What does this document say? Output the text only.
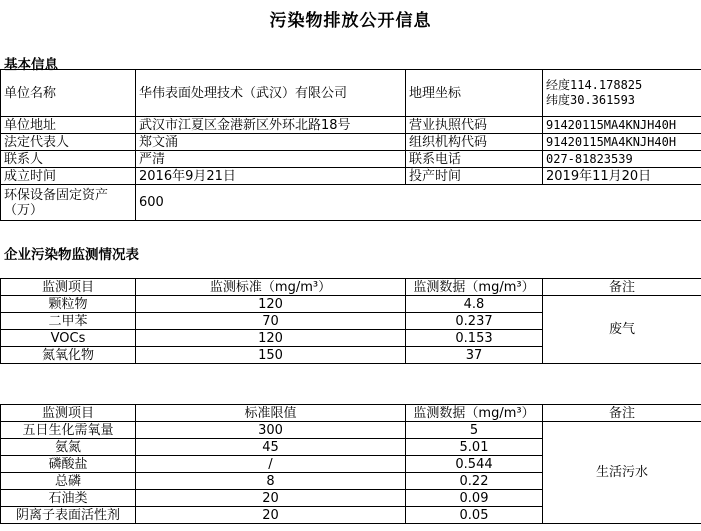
污染物排放公开信息
基本信息
单位名称	华伟表面处理技术（武汉）有限公司	地理坐标	经度114.178825
纬度30.361593

单位地址	武汉市江夏区金港新区外环北路18号	营业执照代码	91420115MA4KNJH40H
法定代表人	郑文涌	组织机构代码	91420115MA4KNJH40H
联系人	严清	联系电话	027-81823539
成立时间	2016年9月21日	投产时间	2019年11月20日
环保设备固定资产（万）	600		
企业污染物监测情况表
监测项目	监测标准（mg/m³）	监测数据（mg/m³）	备注
颗粒物	120	4.8	废气
二甲苯	70	0.237	
VOCs	120	0.153	
氮氧化物	150	37	
监测项目	标准限值	监测数据（mg/m³）	备注
五日生化需氧量	300	5	生活污水
氨氮	45	5.01	
磷酸盐	/	0.544	
总磷	8	0.22	
石油类	20	0.09	
阴离子表面活性剂	20	0.05	
